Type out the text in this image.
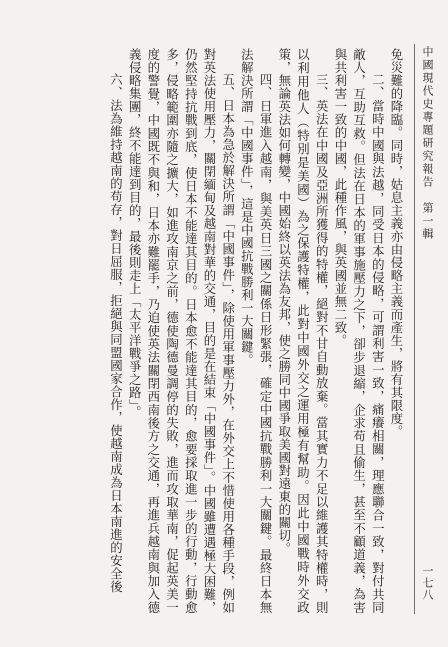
中國現代史專題研究報告　第一輯

免災難的降臨。同時，姑息主義亦由侵略主義而產生，將有其限度。

二、當時中國與法越，同受日本的侵略，可謂利害一致，痛癢相關，理應聯合一致，對付共同敵人，互助互救。但法在日本的軍事施壓力之下，卻步退縮，企求苟且偷生，甚至不顧道義，為害與共利害一致的中國，此種作風，與英國並無二致。

三、英法在中國及亞洲所獲得的特權，絕對不甘自動放棄。當其實力不足以維護其特權時，則以利用他人（特別是美國）為之保護特權，此對中國外交之運用極有幫助。因此中國戰時外交政策，無論英法如何轉變，中國始終以英法為友邦，使之勝同中國爭取美國對遠東的關切。

四、日軍進入越南，與美英日三國之關係日形緊張，確定中國抗戰勝利一大關鍵。最終日本無法解決所謂「中國事件」，這是中國抗戰勝利一大關鍵。

五、日本為急於解決所謂「中國事件」，除使用軍事壓力外，在外交上不惜使用各種手段，例如對英法使用壓力，關閉緬甸及越南對華的交通，目的是在結束「中國事件」。中國雖遭遇極大困難，仍然堅持抗戰到底，使日本不能達其目的。日本愈不能達其目的，愈要採取進一步的行動，行動愈多，侵略範圍亦隨之擴大，如進攻南京之前，德使陶德曼調停的失敗，進而攻取華南，促起英美一度的警覺，中國既不與和，日本亦難罷手，乃迫使英法關閉西南後方之交通，再進兵越南與加入德義侵略集團，終不能達到目的，最後則走上「太平洋戰爭之路」。

六、法為維持越南的苟存，對日屈服，拒絕與同盟國家合作，使越南成為日本南進的安全後	一七八
